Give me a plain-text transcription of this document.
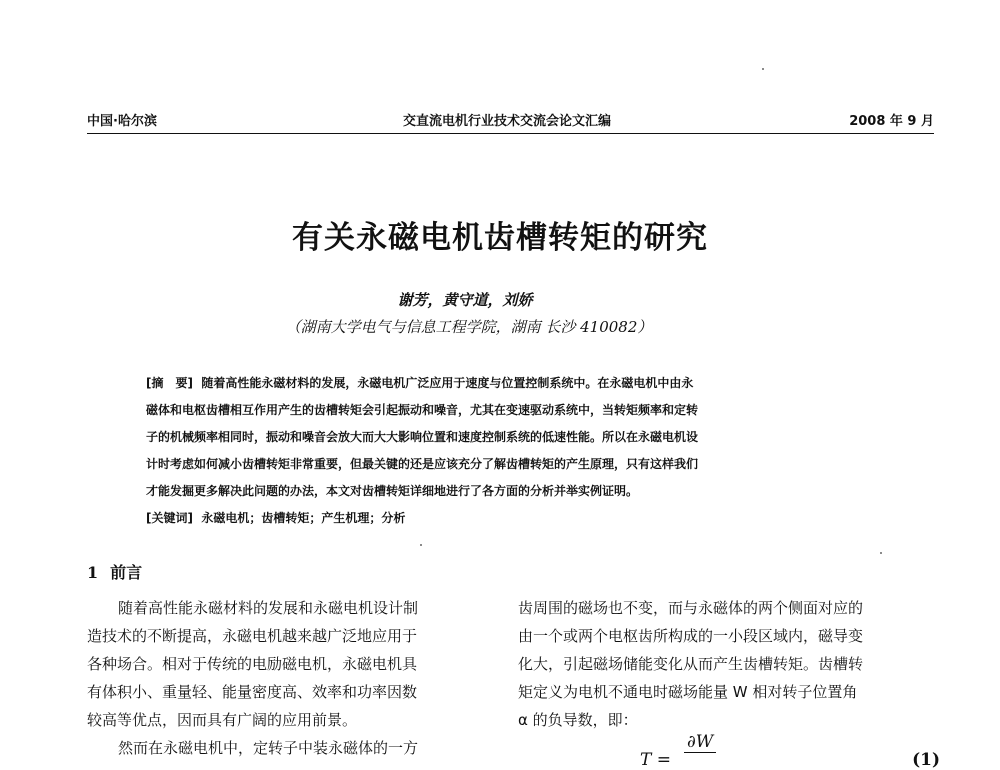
中国·哈尔滨	交直流电机行业技术交流会论文汇编	2008 年 9 月
有关永磁电机齿槽转矩的研究
谢芳，黄守道，刘娇
（湖南大学电气与信息工程学院，湖南 长沙 410082）
[摘　要] 随着高性能永磁材料的发展，永磁电机广泛应用于速度与位置控制系统中。在永磁电机中由永
磁体和电枢齿槽相互作用产生的齿槽转矩会引起振动和噪音，尤其在变速驱动系统中，当转矩频率和定转
子的机械频率相同时，振动和噪音会放大而大大影响位置和速度控制系统的低速性能。所以在永磁电机设
计时考虑如何减小齿槽转矩非常重要，但最关键的还是应该充分了解齿槽转矩的产生原理，只有这样我们
才能发掘更多解决此问题的办法，本文对齿槽转矩详细地进行了各方面的分析并举实例证明。
[关键词] 永磁电机；齿槽转矩；产生机理；分析
1 前言
随着高性能永磁材料的发展和永磁电机设计制
造技术的不断提高，永磁电机越来越广泛地应用于
各种场合。相对于传统的电励磁电机，永磁电机具
有体积小、重量轻、能量密度高、效率和功率因数
较高等优点，因而具有广阔的应用前景。
然而在永磁电机中，定转子中装永磁体的一方
齿周围的磁场也不变，而与永磁体的两个侧面对应的
由一个或两个电枢齿所构成的一小段区域内，磁导变
化大，引起磁场储能变化从而产生齿槽转矩。齿槽转
矩定义为电机不通电时磁场能量 W 相对转子位置角
α 的负导数，即：
T =
∂W
(1)
